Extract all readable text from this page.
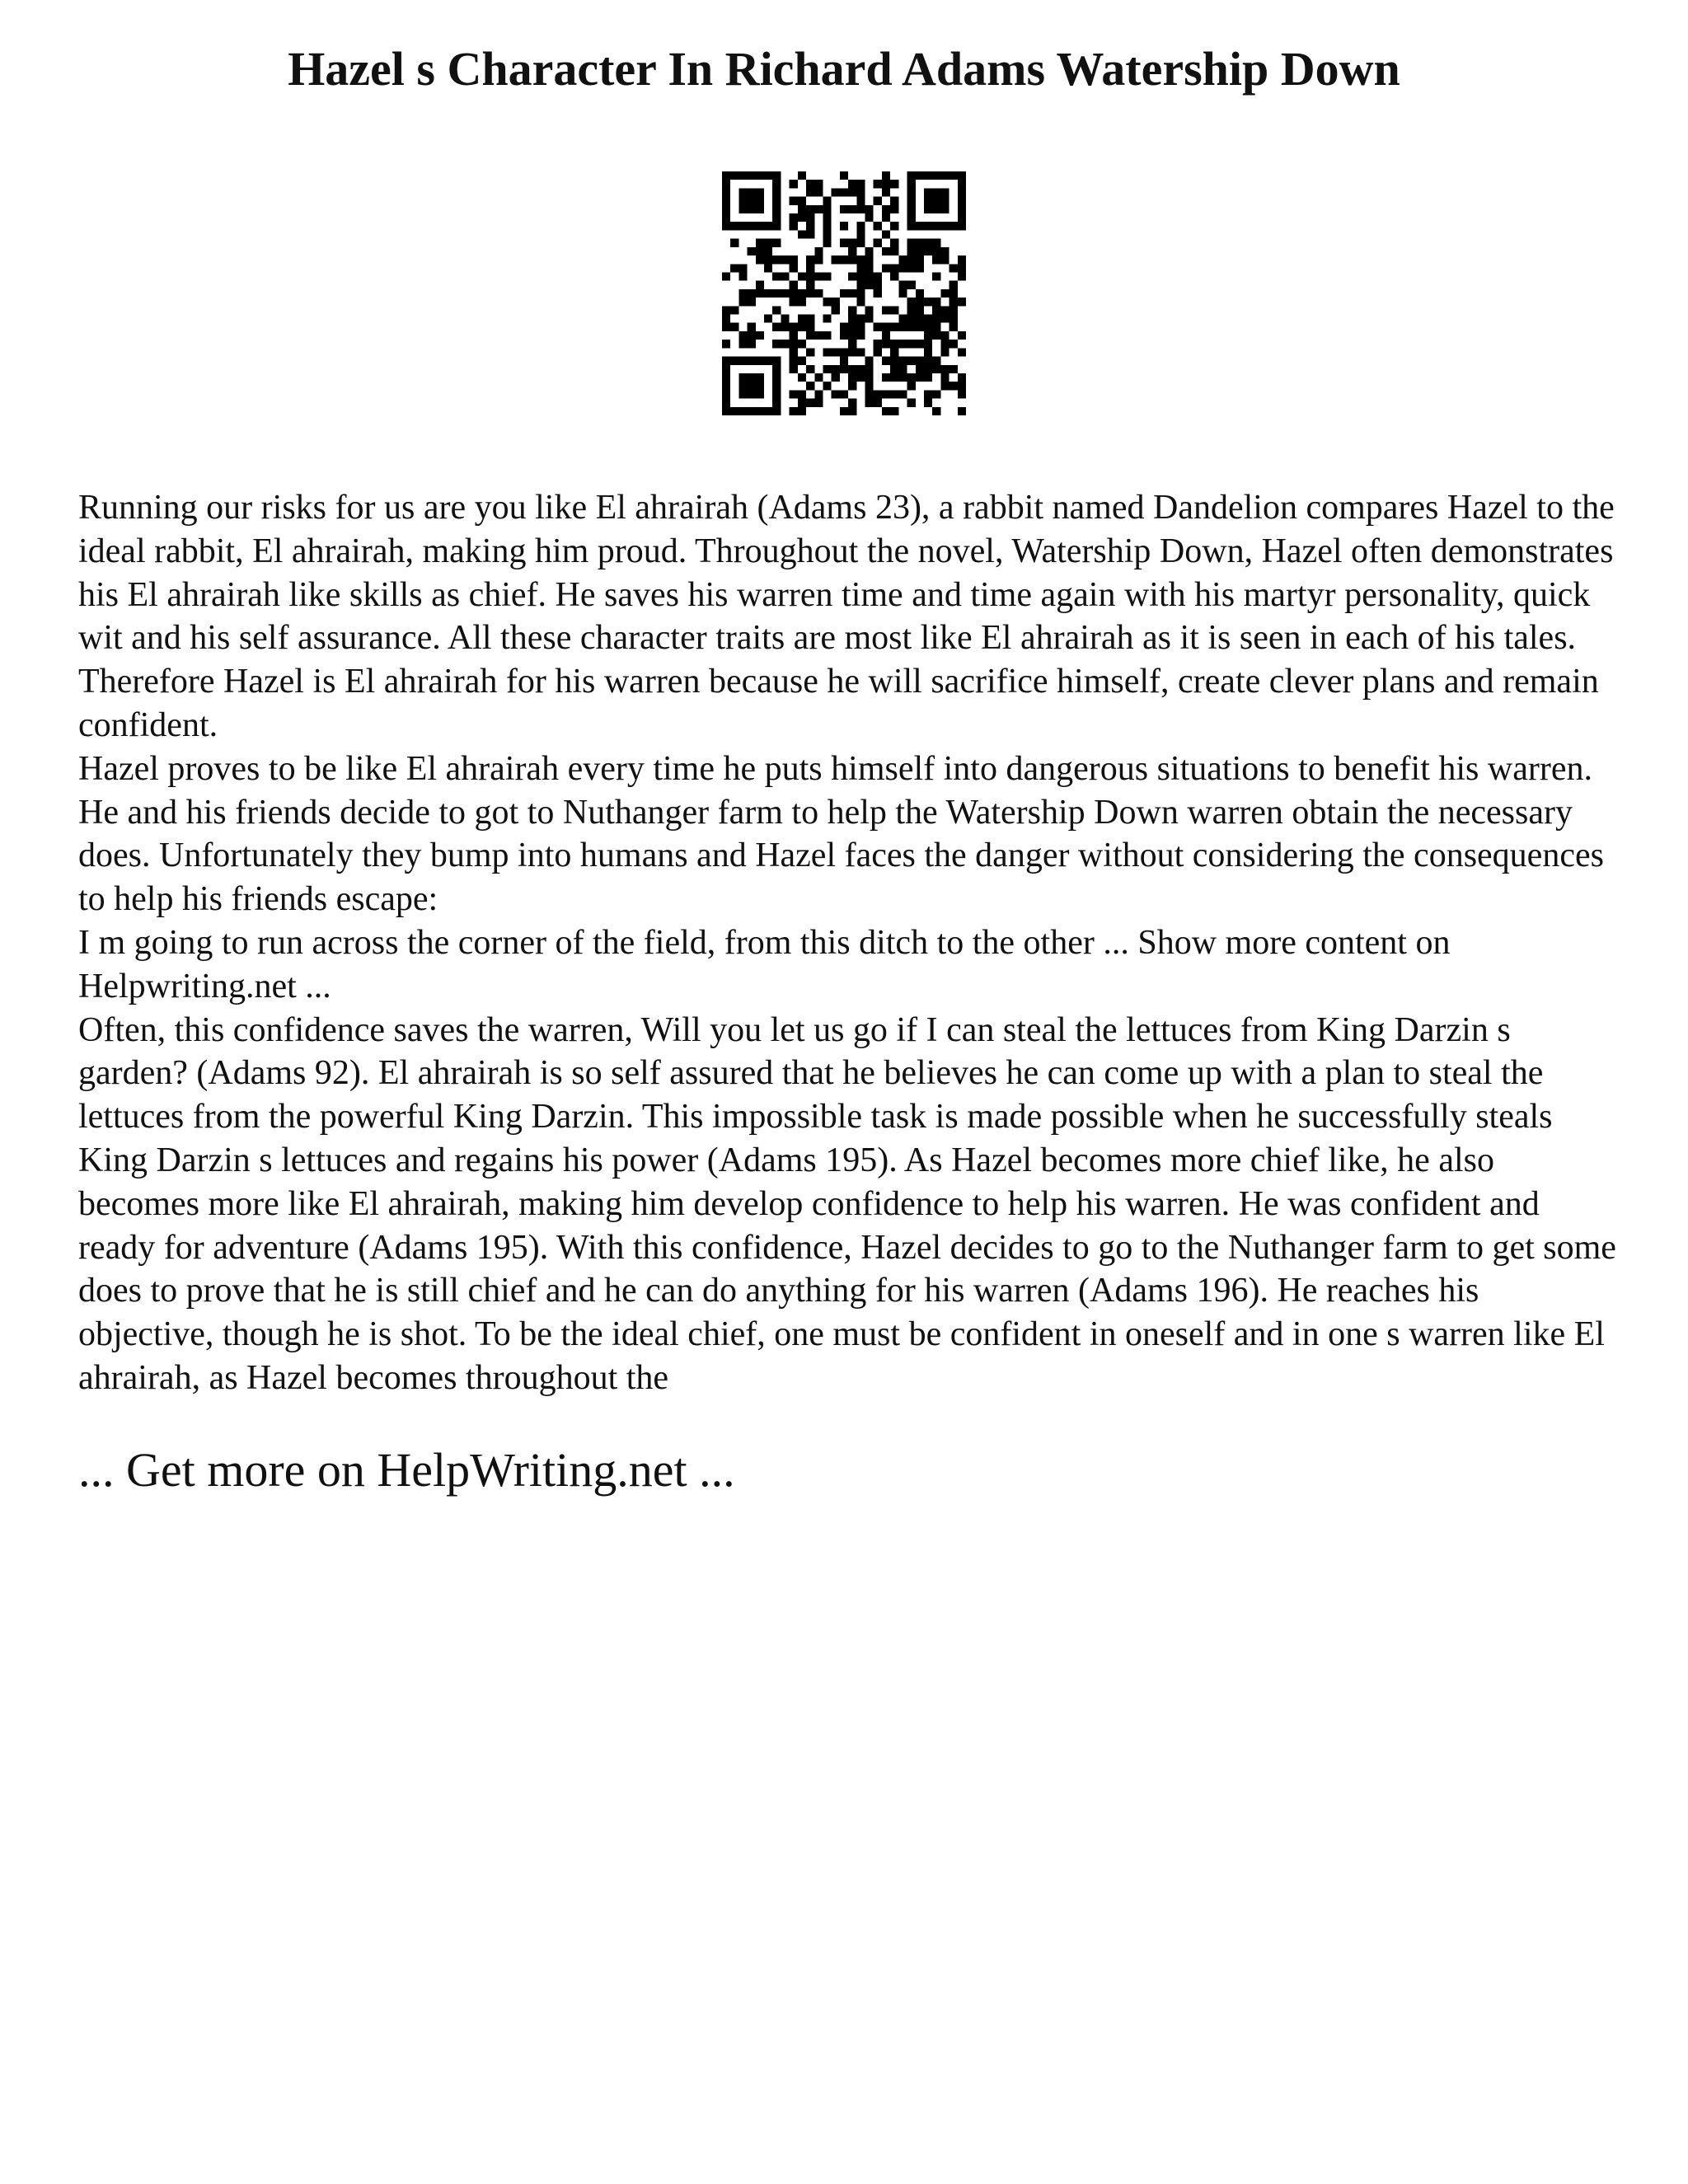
Hazel s Character In Richard Adams Watership Down

Running our risks for us are you like El ahrairah (Adams 23), a rabbit named Dandelion compares Hazel to the ideal rabbit, El ahrairah, making him proud. Throughout the novel, Watership Down, Hazel often demonstrates his El ahrairah like skills as chief. He saves his warren time and time again with his martyr personality, quick wit and his self assurance. All these character traits are most like El ahrairah as it is seen in each of his tales. Therefore Hazel is El ahrairah for his warren because he will sacrifice himself, create clever plans and remain confident.

Hazel proves to be like El ahrairah every time he puts himself into dangerous situations to benefit his warren. He and his friends decide to got to Nuthanger farm to help the Watership Down warren obtain the necessary does. Unfortunately they bump into humans and Hazel faces the danger without considering the consequences to help his friends escape:

I m going to run across the corner of the field, from this ditch to the other ... Show more content on Helpwriting.net ...

Often, this confidence saves the warren, Will you let us go if I can steal the lettuces from King Darzin s garden? (Adams 92). El ahrairah is so self assured that he believes he can come up with a plan to steal the lettuces from the powerful King Darzin. This impossible task is made possible when he successfully steals King Darzin s lettuces and regains his power (Adams 195). As Hazel becomes more chief like, he also becomes more like El ahrairah, making him develop confidence to help his warren. He was confident and ready for adventure (Adams 195). With this confidence, Hazel decides to go to the Nuthanger farm to get some does to prove that he is still chief and he can do anything for his warren (Adams 196). He reaches his objective, though he is shot. To be the ideal chief, one must be confident in oneself and in one s warren like El ahrairah, as Hazel becomes throughout the

... Get more on HelpWriting.net ...
